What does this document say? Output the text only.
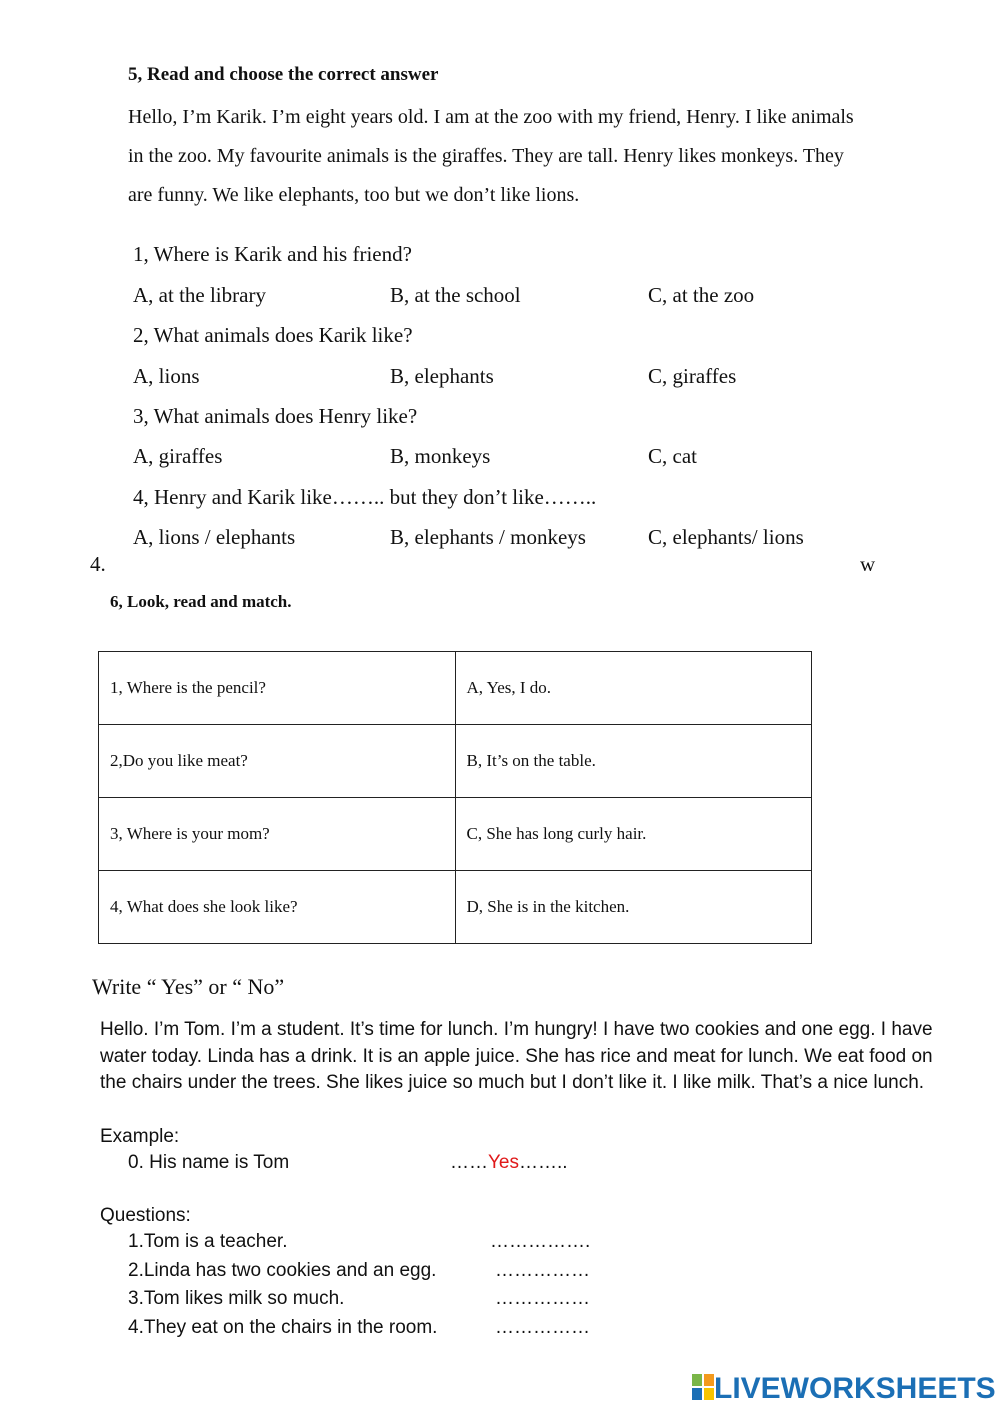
5, Read and choose the correct answer
Hello, I’m Karik. I’m eight years old. I am at the zoo with my friend, Henry. I like animals in the zoo. My favourite animals is the giraffes. They are tall. Henry likes monkeys. They are funny. We like elephants, too but we don’t like lions.
1, Where is Karik and his friend?
A, at the library	B, at the school	C, at the zoo
2, What animals does Karik like?
A, lions	B, elephants	C, giraffes
3, What animals does Henry like?
A, giraffes	B, monkeys	C, cat
4, Henry and Karik like…….. but they don’t like……..
A, lions / elephants	B, elephants / monkeys	C, elephants/ lions
4.	w
6, Look, read and match.
1, Where is the pencil?	A, Yes, I do.
2,Do you like meat?	B, It’s on the table.
3, Where is your mom?	C, She has long curly hair.
4, What does she look like?	D, She is in the kitchen.
Write “ Yes” or “ No”
Hello. I’m Tom. I’m a student. It’s time for lunch. I’m hungry! I have two cookies and one egg. I have water today. Linda has a drink. It is an apple juice. She has rice and meat for lunch. We eat food on the chairs under the trees. She likes juice so much but I don’t like it. I like milk. That’s a nice lunch.
Example:
0. His name is Tom	……Yes……..
Questions:
1.Tom is a teacher.	…………….
2.Linda has two cookies and an egg.	……………
3.Tom likes milk so much.	……………
4.They eat on the chairs in the room.	……………
LIVEWORKSHEETS
